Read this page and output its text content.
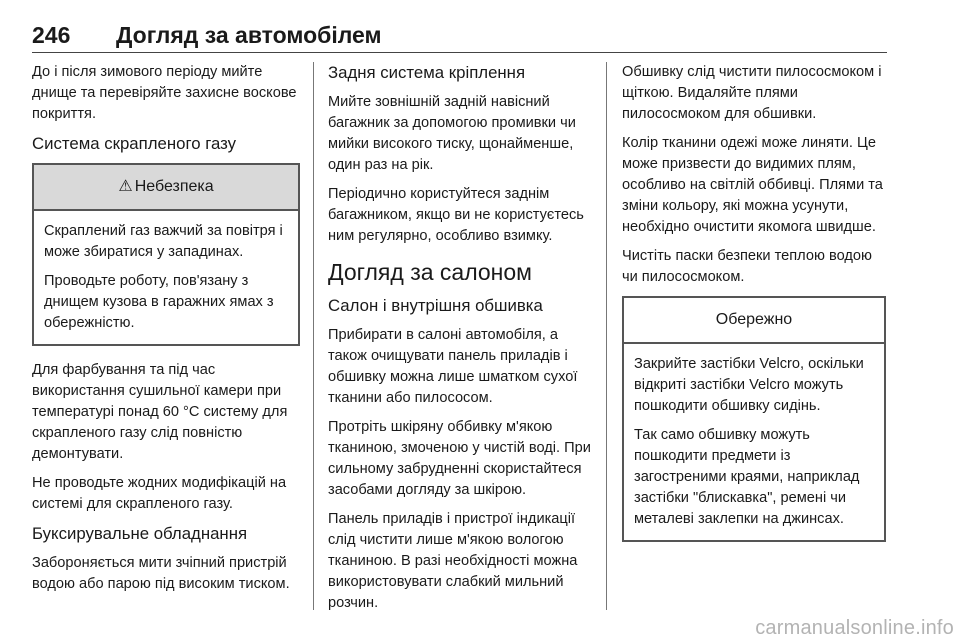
246 Догляд за автомобілем

До і після зимового періоду мийте днище та перевіряйте захисне воскове покриття.

Система скрапленого газу
⚠ Небезпека

Скраплений газ важчий за повітря і може збиратися у западинах.

Проводьте роботу, пов'язану з днищем кузова в гаражних ямах з обережністю.

Для фарбування та під час використання сушильної камери при температурі понад 60 °C систему для скрапленого газу слід повністю демонтувати.

Не проводьте жодних модифікацій на системі для скрапленого газу.

Буксирувальне обладнання

Забороняється мити зчіпний пристрій водою або парою під високим тиском.

Задня система кріплення

Мийте зовнішній задній навісний багажник за допомогою промивки чи мийки високого тиску, щонайменше, один раз на рік.

Періодично користуйтеся заднім багажником, якщо ви не користуєтесь ним регулярно, особливо взимку.

Догляд за салоном
Салон і внутрішня обшивка

Прибирати в салоні автомобіля, а також очищувати панель приладів і обшивку можна лише шматком сухої тканини або пилососом.

Протріть шкіряну оббивку м'якою тканиною, змоченою у чистій воді. При сильному забрудненні скористайтеся засобами догляду за шкірою.

Панель приладів і пристрої індикації слід чистити лише м'якою вологою тканиною. В разі необхідності можна використовувати слабкий мильний розчин.

Обшивку слід чистити пилососмоком і щіткою. Видаляйте плями пилососмоком для обшивки.

Колір тканини одежі може линяти. Це може призвести до видимих плям, особливо на світлій оббивці. Плями та зміни кольору, які можна усунути, необхідно очистити якомога швидше.

Чистіть паски безпеки теплою водою чи пилососмоком.

Обережно

Закрийте застібки Velcro, оскільки відкриті застібки Velcro можуть пошкодити обшивку сидінь.

Так само обшивку можуть пошкодити предмети із загостреними краями, наприклад застібки "блискавка", ремені чи металеві заклепки на джинсах.

carmanualsonline.info
